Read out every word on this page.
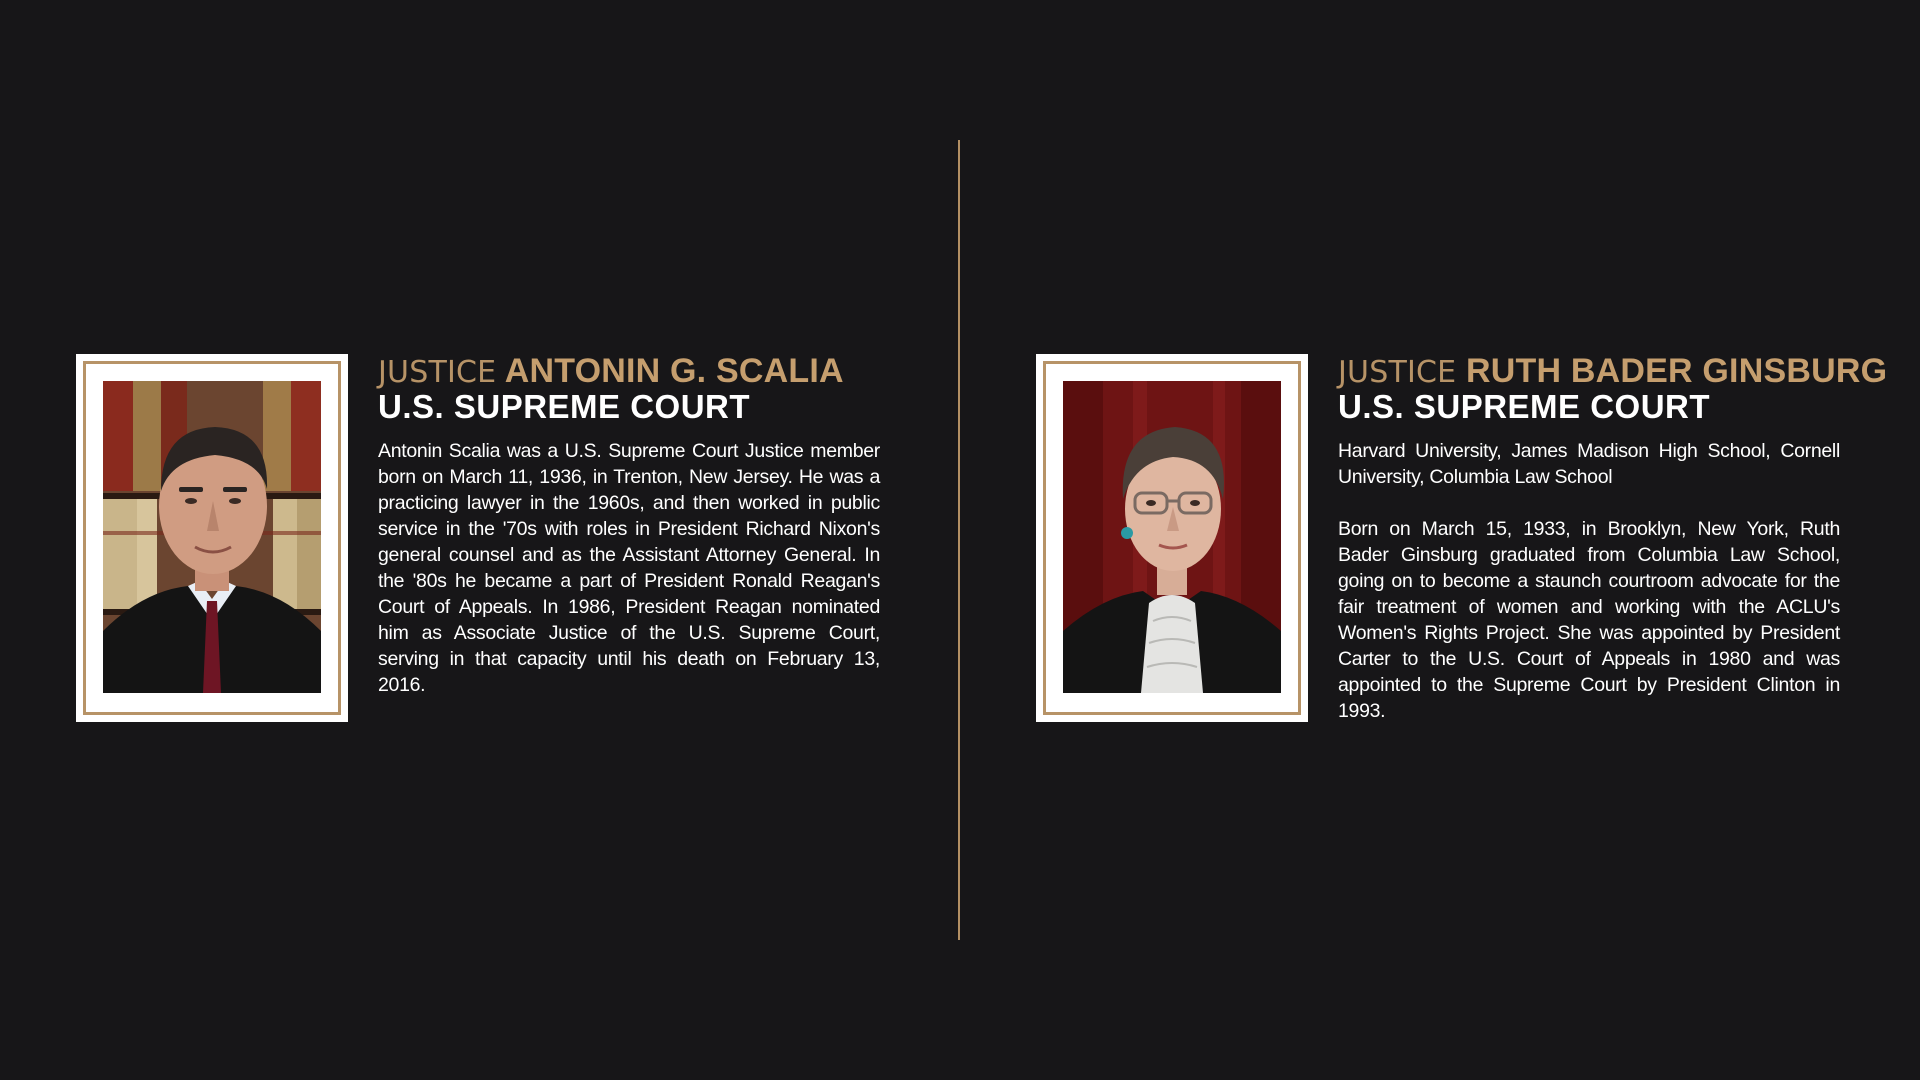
JUSTICE ANTONIN G. SCALIA
U.S. SUPREME COURT

Antonin Scalia was a U.S. Supreme Court Justice member born on March 11, 1936, in Trenton, New Jersey. He was a practicing lawyer in the 1960s, and then worked in public service in the '70s with roles in President Richard Nixon's general counsel and as the Assistant Attorney General. In the '80s he became a part of President Ronald Reagan's Court of Appeals. In 1986, President Reagan nominated him as Associate Justice of the U.S. Supreme Court, serving in that capacity until his death on February 13, 2016.

JUSTICE RUTH BADER GINSBURG
U.S. SUPREME COURT

Harvard University, James Madison High School, Cornell University, Columbia Law School

Born on March 15, 1933, in Brooklyn, New York, Ruth Bader Ginsburg graduated from Columbia Law School, going on to become a staunch courtroom advocate for the fair treatment of women and working with the ACLU's Women's Rights Project. She was appointed by President Carter to the U.S. Court of Appeals in 1980 and was appointed to the Supreme Court by President Clinton in 1993.
